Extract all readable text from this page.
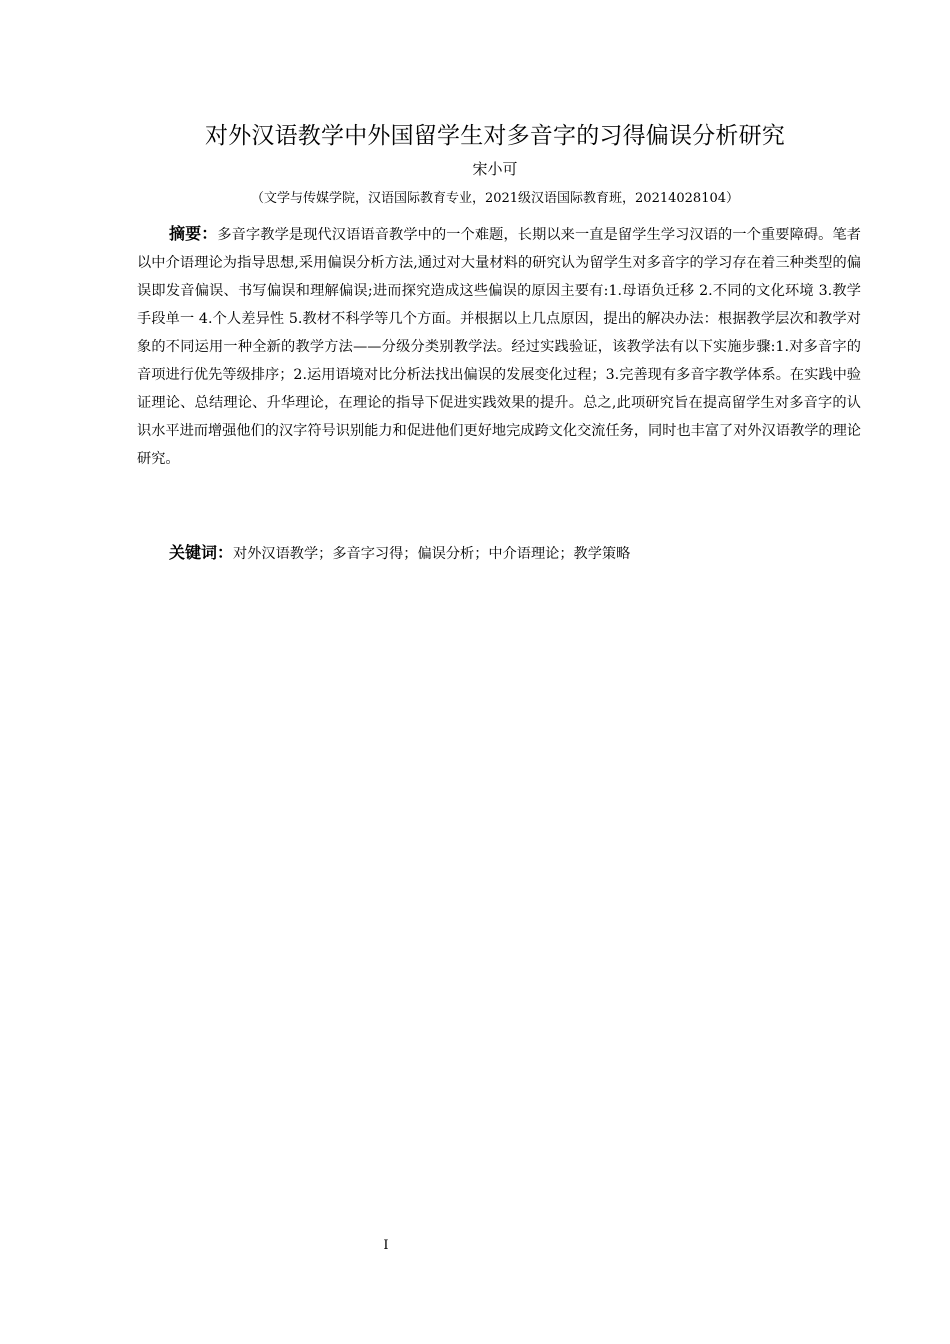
对外汉语教学中外国留学生对多音字的习得偏误分析研究
宋小可
（文学与传媒学院，汉语国际教育专业，2021级汉语国际教育班，20214028104）

摘要：多音字教学是现代汉语语音教学中的一个难题，长期以来一直是留学生学习汉语的一个重要障碍。笔者以中介语理论为指导思想,采用偏误分析方法,通过对大量材料的研究认为留学生对多音字的学习存在着三种类型的偏误即发音偏误、书写偏误和理解偏误;进而探究造成这些偏误的原因主要有:1.母语负迁移 2.不同的文化环境 3.教学手段单一 4.个人差异性 5.教材不科学等几个方面。并根据以上几点原因，提出的解决办法：根据教学层次和教学对象的不同运用一种全新的教学方法——分级分类别教学法。经过实践验证，该教学法有以下实施步骤:1.对多音字的音项进行优先等级排序；2.运用语境对比分析法找出偏误的发展变化过程；3.完善现有多音字教学体系。在实践中验证理论、总结理论、升华理论，在理论的指导下促进实践效果的提升。总之,此项研究旨在提高留学生对多音字的认识水平进而增强他们的汉字符号识别能力和促进他们更好地完成跨文化交流任务，同时也丰富了对外汉语教学的理论研究。

关键词：对外汉语教学；多音字习得；偏误分析；中介语理论；教学策略

I
